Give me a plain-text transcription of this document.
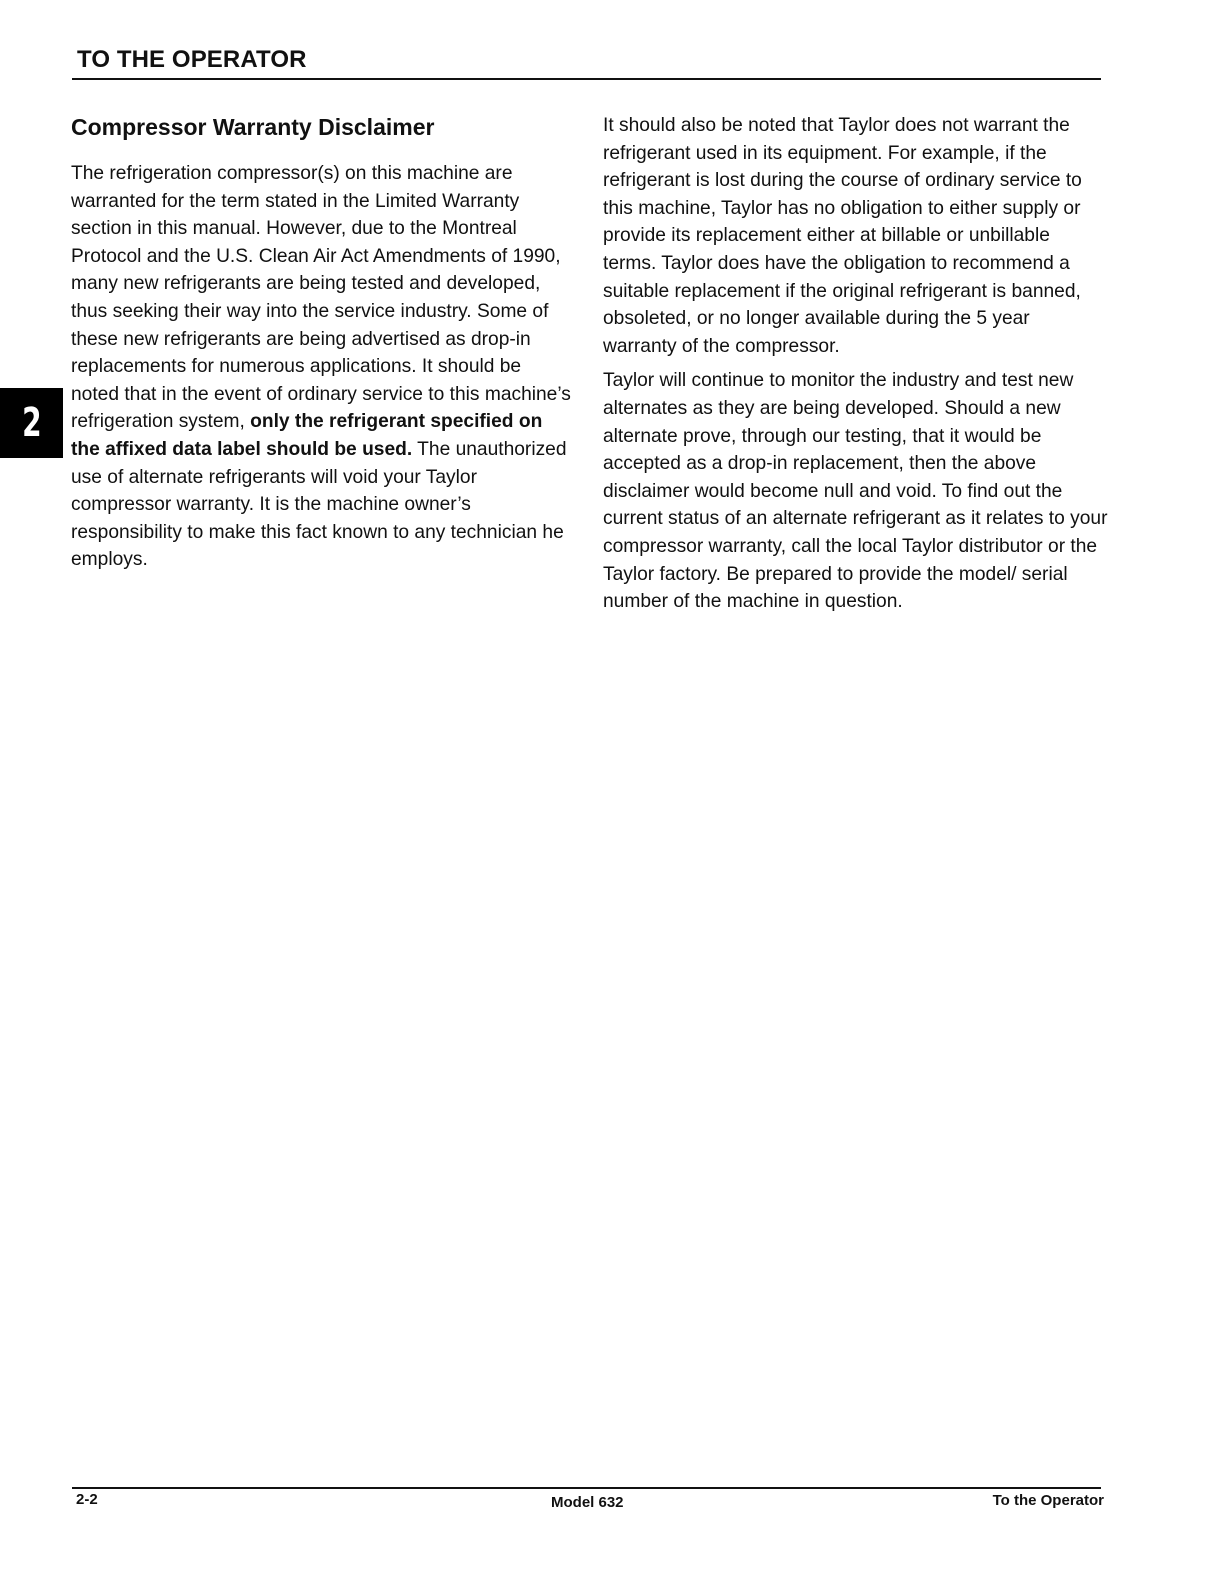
TO THE OPERATOR
2
Compressor Warranty Disclaimer

The refrigeration compressor(s) on this machine are warranted for the term stated in the Limited Warranty section in this manual. However, due to the Montreal Protocol and the U.S. Clean Air Act Amendments of 1990, many new refrigerants are being tested and developed, thus seeking their way into the service industry. Some of these new refrigerants are being advertised as drop-in replacements for numerous applications. It should be noted that in the event of ordinary service to this machine’s refrigeration system, only the refrigerant specified on the affixed data label should be used. The unauthorized use of alternate refrigerants will void your Taylor compressor warranty. It is the machine owner’s responsibility to make this fact known to any technician he employs.

It should also be noted that Taylor does not warrant the refrigerant used in its equipment. For example, if the refrigerant is lost during the course of ordinary service to this machine, Taylor has no obligation to either supply or provide its replacement either at billable or unbillable terms. Taylor does have the obligation to recommend a suitable replacement if the original refrigerant is banned, obsoleted, or no longer available during the 5 year warranty of the compressor.

Taylor will continue to monitor the industry and test new alternates as they are being developed. Should a new alternate prove, through our testing, that it would be accepted as a drop-in replacement, then the above disclaimer would become null and void. To find out the current status of an alternate refrigerant as it relates to your compressor warranty, call the local Taylor distributor or the Taylor factory. Be prepared to provide the model/ serial number of the machine in question.

2-2	Model 632	To the Operator
